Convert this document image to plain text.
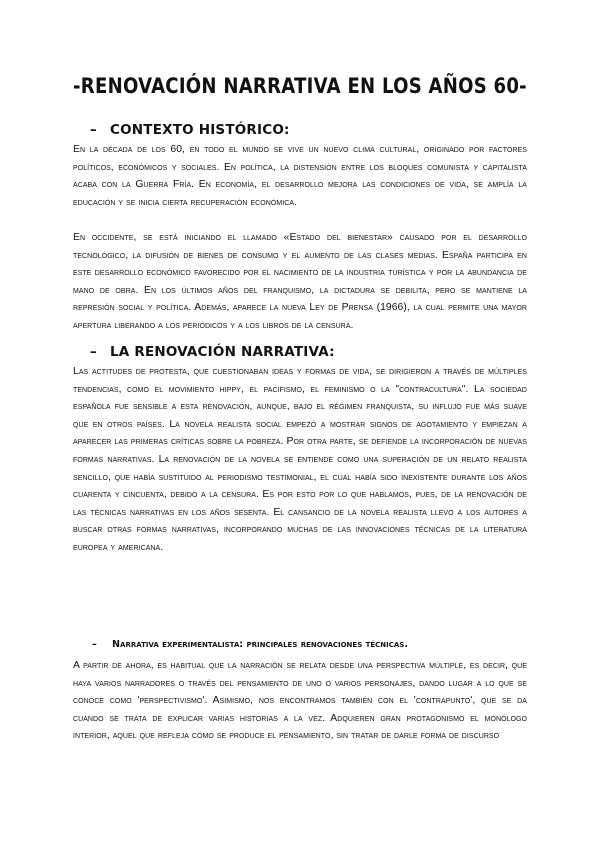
-RENOVACIÓN NARRATIVA EN LOS AÑOS 60-
– CONTEXTO HISTÓRICO:

En la década de los 60, en todo el mundo se vive un nuevo clima cultural, originado por factores políticos, económicos y sociales. En política, la distensión entre los bloques comunista y capitalista acaba con la Guerra Fría. En economía, el desarrollo mejora las condiciones de vida, se amplía la educación y se inicia cierta recuperación económica.

En occidente, se está iniciando el llamado «Estado del bienestar» causado por el desarrollo tecnológico, la difusión de bienes de consumo y el aumento de las clases medias. España participa en este desarrollo económico favorecido por el nacimiento de la industria turística y por la abundancia de mano de obra. En los últimos años del franquismo, la dictadura se debilita, pero se mantiene la represión social y política. Además, aparece la nueva Ley de Prensa (1966), la cual permite una mayor apertura liberando a los periódicos y a los libros de la censura.

– LA RENOVACIÓN NARRATIVA:

Las actitudes de protesta, que cuestionaban ideas y formas de vida, se dirigieron a través de múltiples tendencias, como el movimiento hippy, el pacifismo, el feminismo o la "contracultura". La sociedad española fue sensible a esta renovación, aunque, bajo el régimen franquista, su influjo fue más suave que en otros países. La novela realista social empezó a mostrar signos de agotamiento y empiezan a aparecer las primeras críticas sobre la pobreza. Por otra parte, se defiende la incorporación de nuevas formas narrativas. La renovación de la novela se entiende como una superación de un relato realista sencillo, que había sustituido al periodismo testimonial, el cual había sido inexistente durante los años cuarenta y cincuenta, debido a la censura. Es por esto por lo que hablamos, pues, de la renovación de las técnicas narrativas en los años sesenta. El cansancio de la novela realista llevó a los autores a buscar otras formas narrativas, incorporando muchas de las innovaciones técnicas de la literatura europea y americana.

– Narrativa experimentalista: principales renovaciones técnicas.

A partir de ahora, es habitual que la narración se relata desde una perspectiva múltiple, es decir, que haya varios narradores o través del pensamiento de uno o varios personajes, dando lugar a lo que se conoce como 'perspectivismo'. Asimismo, nos encontramos también con el 'contrapunto', que se da cuando se trata de explicar varias historias a la vez. Adquieren gran protagonismo el monólogo interior, aquel que refleja cómo se produce el pensamiento, sin tratar de darle forma de discurso
